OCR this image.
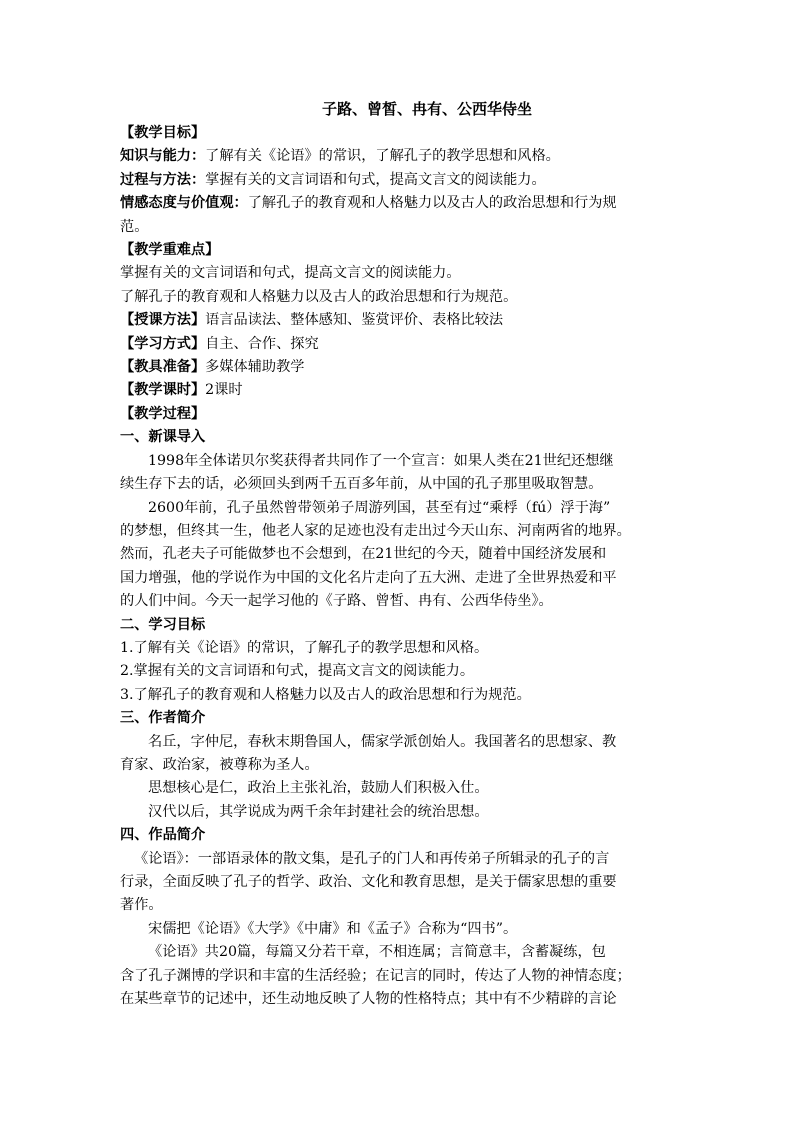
子路、曾皙、冉有、公西华侍坐
【教学目标】
知识与能力：了解有关《论语》的常识，了解孔子的教学思想和风格。
过程与方法：掌握有关的文言词语和句式，提高文言文的阅读能力。
情感态度与价值观：了解孔子的教育观和人格魅力以及古人的政治思想和行为规
范。
【教学重难点】
掌握有关的文言词语和句式，提高文言文的阅读能力。
了解孔子的教育观和人格魅力以及古人的政治思想和行为规范。
【授课方法】语言品读法、整体感知、鉴赏评价、表格比较法
【学习方式】自主、合作、探究
【教具准备】多媒体辅助教学
【教学课时】2课时
【教学过程】
一、新课导入
1998年全体诺贝尔奖获得者共同作了一个宣言：如果人类在21世纪还想继
续生存下去的话，必须回头到两千五百多年前，从中国的孔子那里吸取智慧。
2600年前，孔子虽然曾带领弟子周游列国，甚至有过“乘桴（fú）浮于海”
的梦想，但终其一生，他老人家的足迹也没有走出过今天山东、河南两省的地界。
然而，孔老夫子可能做梦也不会想到，在21世纪的今天，随着中国经济发展和
国力增强，他的学说作为中国的文化名片走向了五大洲、走进了全世界热爱和平
的人们中间。今天一起学习他的《子路、曾皙、冉有、公西华侍坐》。
二、学习目标
1.了解有关《论语》的常识，了解孔子的教学思想和风格。
2.掌握有关的文言词语和句式，提高文言文的阅读能力。
3.了解孔子的教育观和人格魅力以及古人的政治思想和行为规范。
三、作者简介
名丘，字仲尼，春秋末期鲁国人，儒家学派创始人。我国著名的思想家、教
育家、政治家，被尊称为圣人。
思想核心是仁，政治上主张礼治，鼓励人们积极入仕。
汉代以后，其学说成为两千余年封建社会的统治思想。
四、作品简介
《论语》：一部语录体的散文集，是孔子的门人和再传弟子所辑录的孔子的言
行录，全面反映了孔子的哲学、政治、文化和教育思想，是关于儒家思想的重要
著作。
宋儒把《论语》《大学》《中庸》和《孟子》合称为“四书”。
《论语》共20篇，每篇又分若干章，不相连属；言简意丰，含蓄凝练，包
含了孔子渊博的学识和丰富的生活经验；在记言的同时，传达了人物的神情态度；
在某些章节的记述中，还生动地反映了人物的性格特点；其中有不少精辟的言论
